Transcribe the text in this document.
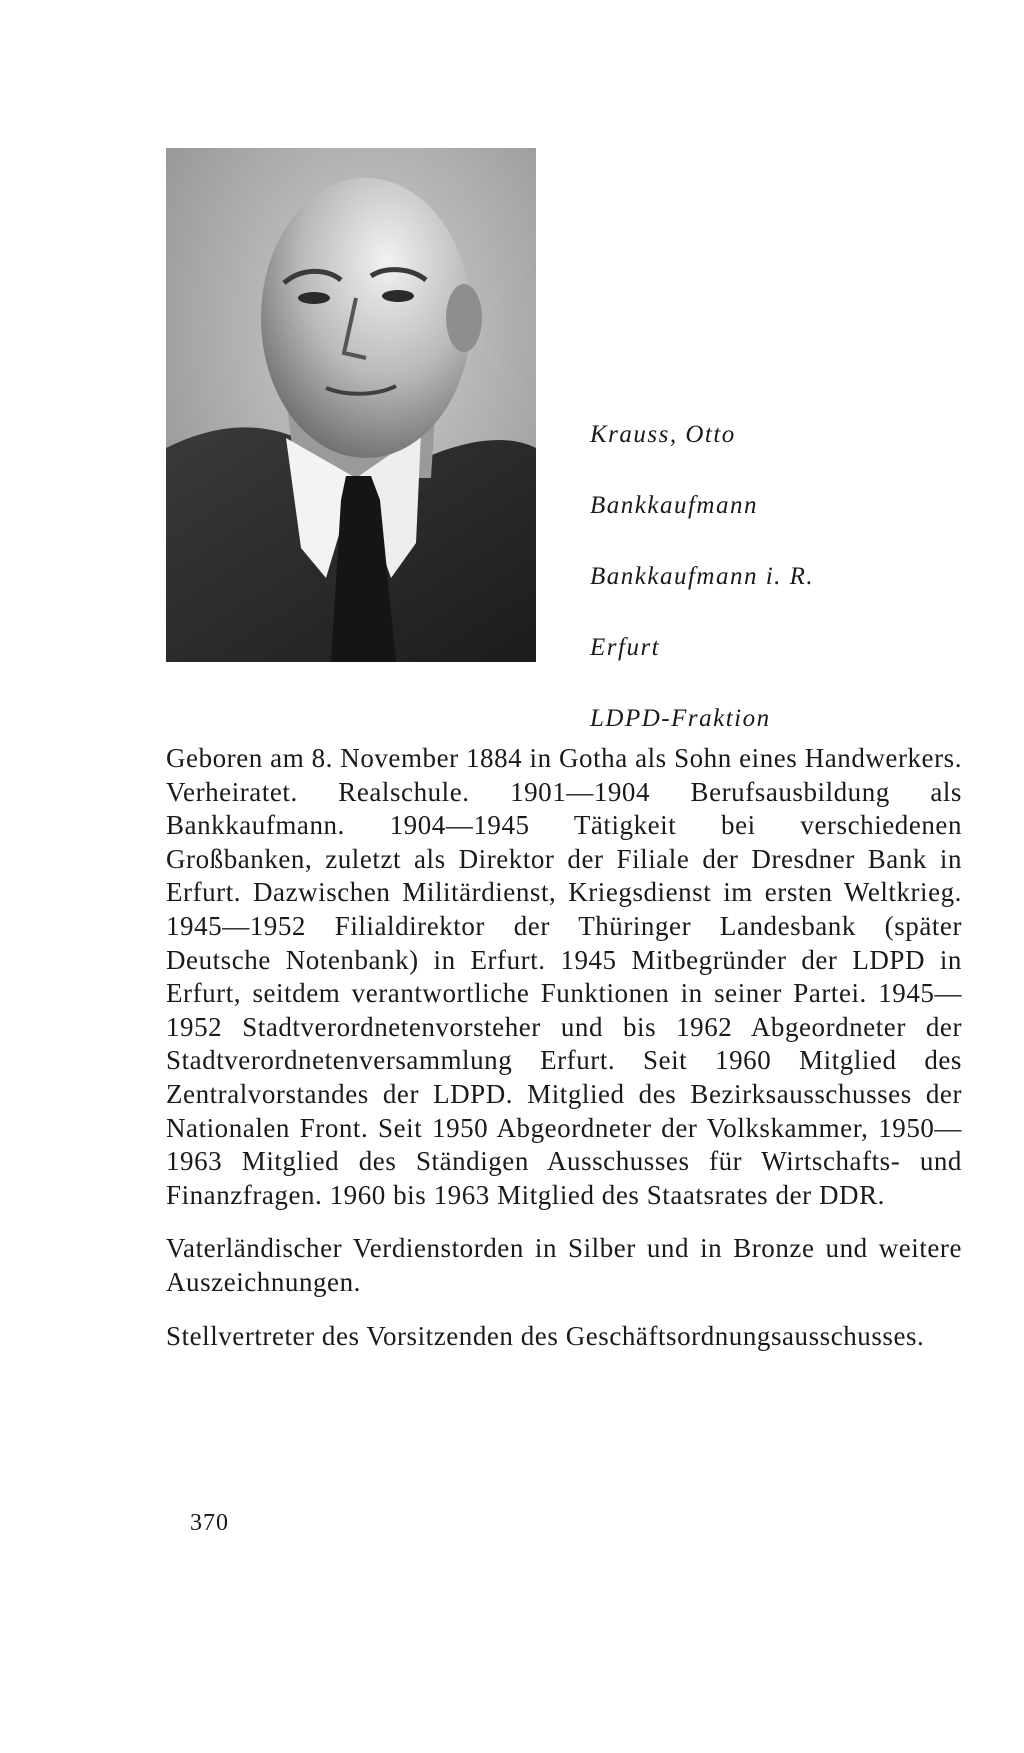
Krauss, Otto
Bankkaufmann
Bankkaufmann i. R.
Erfurt
LDPD-Fraktion

Geboren am 8. November 1884 in Gotha als Sohn eines Handwerkers. Verheiratet. Realschule. 1901—1904 Berufsausbildung als Bankkaufmann. 1904—1945 Tätigkeit bei verschiedenen Großbanken, zuletzt als Direktor der Filiale der Dresdner Bank in Erfurt. Dazwischen Militärdienst, Kriegsdienst im ersten Weltkrieg. 1945—1952 Filialdirektor der Thüringer Landesbank (später Deutsche Notenbank) in Erfurt. 1945 Mitbegründer der LDPD in Erfurt, seitdem verantwortliche Funktionen in seiner Partei. 1945—1952 Stadtverordnetenvorsteher und bis 1962 Abgeordneter der Stadtverordnetenversammlung Erfurt. Seit 1960 Mitglied des Zentralvorstandes der LDPD. Mitglied des Bezirksausschusses der Nationalen Front. Seit 1950 Abgeordneter der Volkskammer, 1950—1963 Mitglied des Ständigen Ausschusses für Wirtschafts- und Finanzfragen. 1960 bis 1963 Mitglied des Staatsrates der DDR.

Vaterländischer Verdienstorden in Silber und in Bronze und weitere Auszeichnungen.

Stellvertreter des Vorsitzenden des Geschäftsordnungsausschusses.

370
